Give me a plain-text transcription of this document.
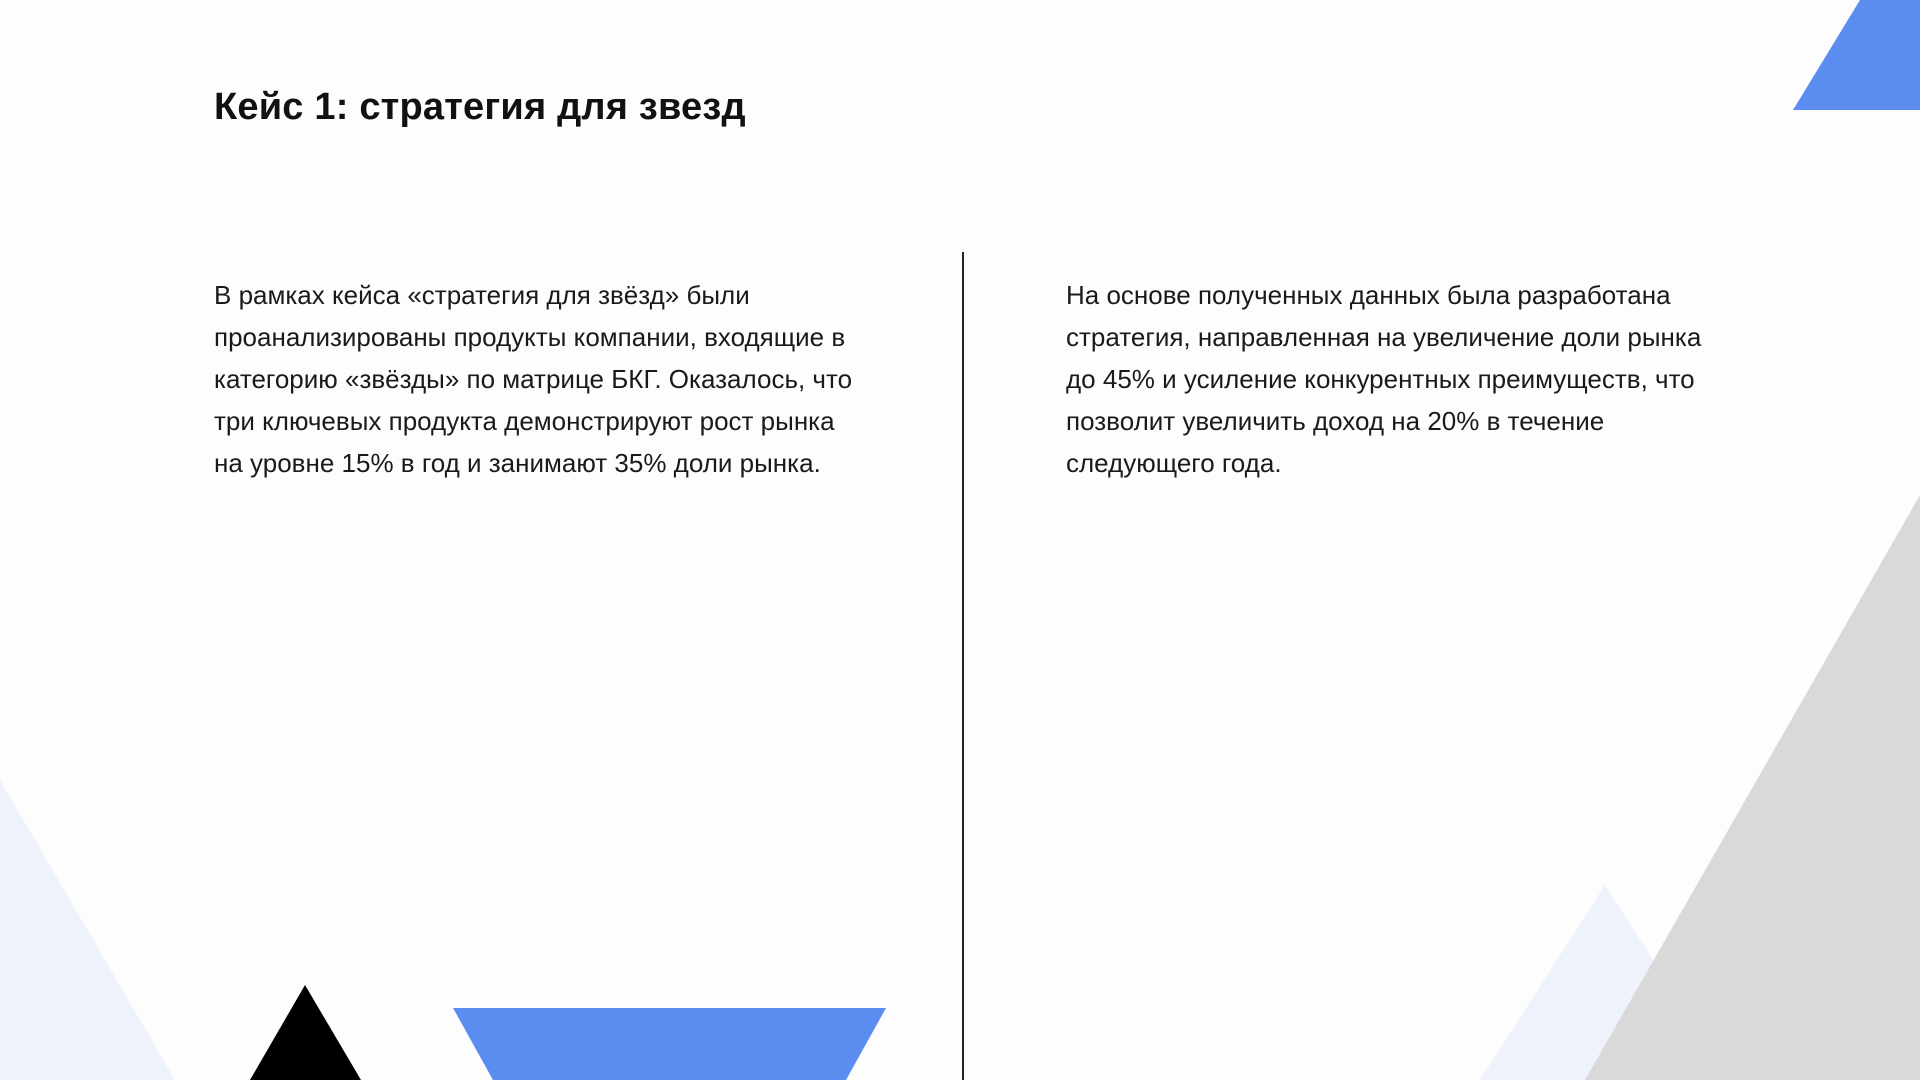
Кейс 1: стратегия для звезд

В рамках кейса «стратегия для звёзд» были проанализированы продукты компании, входящие в категорию «звёзды» по матрице БКГ. Оказалось, что три ключевых продукта демонстрируют рост рынка на уровне 15% в год и занимают 35% доли рынка.

На основе полученных данных была разработана стратегия, направленная на увеличение доли рынка до 45% и усиление конкурентных преимуществ, что позволит увеличить доход на 20% в течение следующего года.
